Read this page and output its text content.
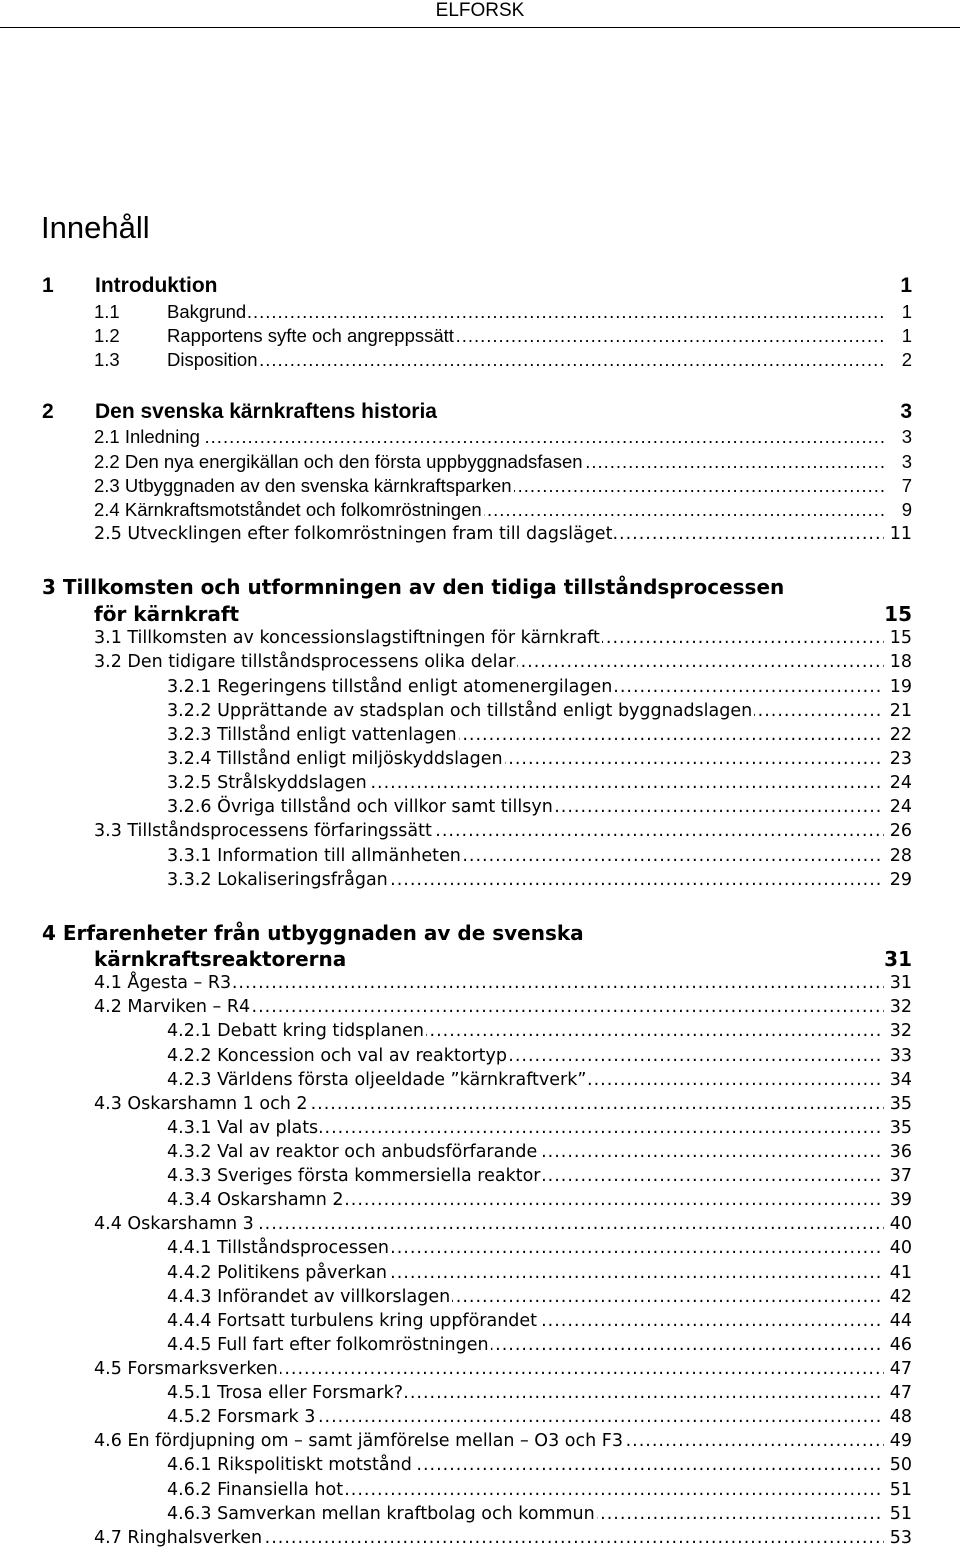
ELFORSK
Innehåll
1 Introduktion	1
1.1 .....	Bakgrund	1
1.2 .....	Rapportens syfte och angreppssätt	1
1.3 .....	Disposition	2
2 Den svenska kärnkraftens historia	3
.....
2.1 Inledning	3
.....
2.2 Den nya energikällan och den första uppbyggnadsfasen	3
.....
2.3 Utbyggnaden av den svenska kärnkraftsparken	7
.....
2.4 Kärnkraftsmotståndet och folkomröstningen	9
.....
2.5 Utvecklingen efter folkomröstningen fram till dagsläget	11
3 Tillkomsten och utformningen av den tidiga tillståndsprocessen
för kärnkraft	15
.....
3.1 Tillkomsten av koncessionslagstiftningen för kärnkraft	15
.....
3.2 Den tidigare tillståndsprocessens olika delar	18
.....
3.2.1 Regeringens tillstånd enligt atomenergilagen	19
.....
3.2.2 Upprättande av stadsplan och tillstånd enligt byggnadslagen	21
.....
3.2.3 Tillstånd enligt vattenlagen	22
.....
3.2.4 Tillstånd enligt miljöskyddslagen	23
.....
3.2.5 Strålskyddslagen	24
.....
3.2.6 Övriga tillstånd och villkor samt tillsyn	24
.....
3.3 Tillståndsprocessens förfaringssätt	26
.....
3.3.1 Information till allmänheten	28
.....
3.3.2 Lokaliseringsfrågan	29
4 Erfarenheter från utbyggnaden av de svenska
kärnkraftsreaktorerna	31
.....
4.1 Ågesta – R3	31
.....
4.2 Marviken – R4	32
.....
4.2.1 Debatt kring tidsplanen	32
.....
4.2.2 Koncession och val av reaktortyp	33
.....
4.2.3 Världens första oljeeldade ”kärnkraftverk”	34
.....
4.3 Oskarshamn 1 och 2	35
.....
4.3.1 Val av plats	35
.....
4.3.2 Val av reaktor och anbudsförfarande	36
.....
4.3.3 Sveriges första kommersiella reaktor	37
.....
4.3.4 Oskarshamn 2	39
.....
4.4 Oskarshamn 3	40
.....
4.4.1 Tillståndsprocessen	40
.....
4.4.2 Politikens påverkan	41
.....
4.4.3 Införandet av villkorslagen	42
.....
4.4.4 Fortsatt turbulens kring uppförandet	44
.....
4.4.5 Full fart efter folkomröstningen	46
.....
4.5 Forsmarksverken	47
.....
4.5.1 Trosa eller Forsmark?	47
.....
4.5.2 Forsmark 3	48
.....
4.6 En fördjupning om – samt jämförelse mellan – O3 och F3	49
.....
4.6.1 Rikspolitiskt motstånd	50
.....
4.6.2 Finansiella hot	51
.....
4.6.3 Samverkan mellan kraftbolag och kommun	51
.....
4.7 Ringhalsverken	53
